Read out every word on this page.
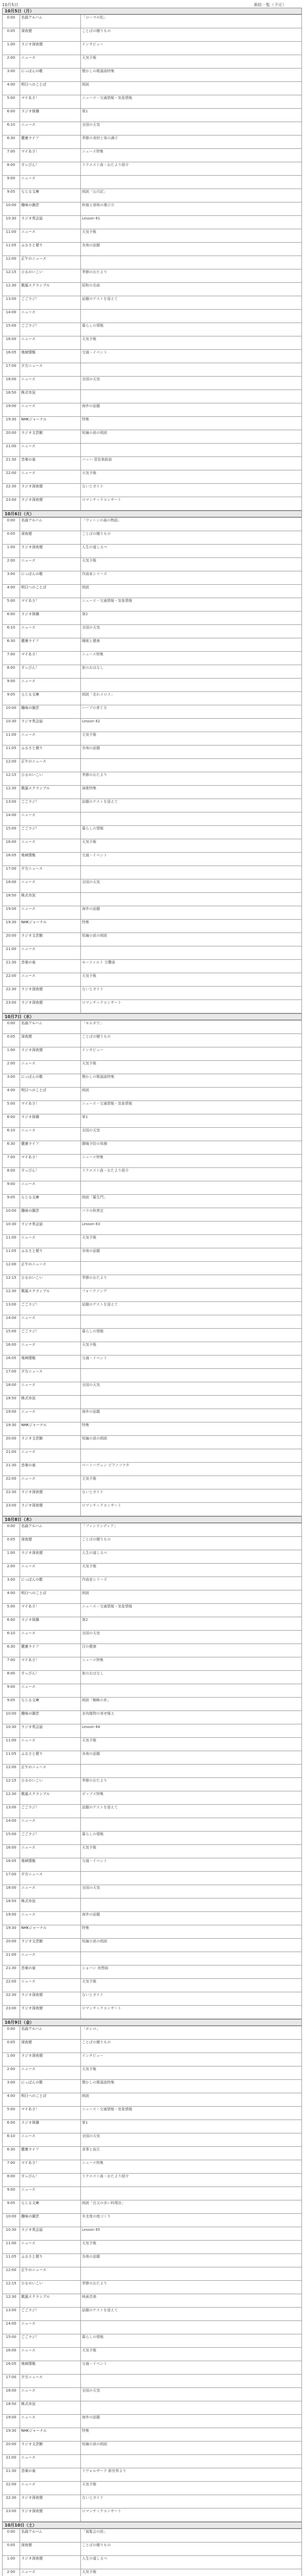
10月5日	番組一覧（予定）
10月5日（月）
0:00	名曲アルバム	「ローマの松」
0:05	深夜便	ことばの贈りもの
1:00	ラジオ深夜便	インタビュー
2:00	ニュース	天気予報
3:00	にっぽんの歌	懐かしの歌謡曲特集
4:00	明日へのことば	朗読
5:00	マイあさ！	ニュース・交通情報・気象情報
6:00	ラジオ体操	第1
6:10	ニュース	全国の天気
6:30	健康ライフ	季節の食材と体の調子
7:00	マイあさ！	ニュース特集
8:00	すっぴん！	リクエスト曲・おたより紹介
9:00	ニュース	
9:05	らじる文庫	朗読「山月記」
10:00	趣味の園芸	秋植え球根の選び方
10:30	ラジオ英会話	Lesson 61
11:00	ニュース	天気予報
11:05	ふるさと便り	各地の話題
12:00	正午のニュース	
12:15	ひるのいこい	季節のおたより
12:30	歌謡スクランブル	昭和の名曲
13:00	ごごラジ！	話題のゲストを迎えて
14:00	ニュース	
15:00	ごごラジ！	暮らしの情報
16:00	ニュース	天気予報
16:05	地域情報	交通・イベント
17:00	夕方ニュース	
18:00	ニュース	全国の天気
18:50	株式市況	
19:00	ニュース	海外の話題
19:30	NHKジャーナル	特集
20:00	ラジオ文芸館	短編小説の朗読
21:00	ニュース	
21:30	音楽の泉	バッハ 管弦楽組曲
22:00	ニュース	天気予報
22:30	ラジオ深夜便	ないとガイド
23:00	ラジオ深夜便	ロマンチックコンサート
10月6日（火）
0:00	名曲アルバム	「ウィーンの森の物語」
0:05	深夜便	ことばの贈りもの
1:00	ラジオ深夜便	人生の道しるべ
2:00	ニュース	天気予報
3:00	にっぽんの歌	作曲家シリーズ
4:00	明日へのことば	朗読
5:00	マイあさ！	ニュース・交通情報・気象情報
6:00	ラジオ体操	第2
6:10	ニュース	全国の天気
6:30	健康ライフ	睡眠と健康
7:00	マイあさ！	ニュース特集
8:00	すっぴん！	旅のおはなし
9:00	ニュース	
9:05	らじる文庫	朗読「走れメロス」
10:00	趣味の園芸	ハーブの育て方
10:30	ラジオ英会話	Lesson 62
11:00	ニュース	天気予報
11:05	ふるさと便り	各地の話題
12:00	正午のニュース	
12:15	ひるのいこい	季節のおたより
12:30	歌謡スクランブル	演歌特集
13:00	ごごラジ！	話題のゲストを迎えて
14:00	ニュース	
15:00	ごごラジ！	暮らしの情報
16:00	ニュース	天気予報
16:05	地域情報	交通・イベント
17:00	夕方ニュース	
18:00	ニュース	全国の天気
18:50	株式市況	
19:00	ニュース	海外の話題
19:30	NHKジャーナル	特集
20:00	ラジオ文芸館	短編小説の朗読
21:00	ニュース	
21:30	音楽の泉	モーツァルト 交響曲
22:00	ニュース	天気予報
22:30	ラジオ深夜便	ないとガイド
23:00	ラジオ深夜便	ロマンチックコンサート
10月7日（水）
0:00	名曲アルバム	「モルダウ」
0:05	深夜便	ことばの贈りもの
1:00	ラジオ深夜便	インタビュー
2:00	ニュース	天気予報
3:00	にっぽんの歌	懐かしの歌謡曲特集
4:00	明日へのことば	朗読
5:00	マイあさ！	ニュース・交通情報・気象情報
6:00	ラジオ体操	第1
6:10	ニュース	全国の天気
6:30	健康ライフ	腰痛予防の体操
7:00	マイあさ！	ニュース特集
8:00	すっぴん！	リクエスト曲・おたより紹介
9:00	ニュース	
9:05	らじる文庫	朗読「羅生門」
10:00	趣味の園芸	バラの秋剪定
10:30	ラジオ英会話	Lesson 63
11:00	ニュース	天気予報
11:05	ふるさと便り	各地の話題
12:00	正午のニュース	
12:15	ひるのいこい	季節のおたより
12:30	歌謡スクランブル	フォークソング
13:00	ごごラジ！	話題のゲストを迎えて
14:00	ニュース	
15:00	ごごラジ！	暮らしの情報
16:00	ニュース	天気予報
16:05	地域情報	交通・イベント
17:00	夕方ニュース	
18:00	ニュース	全国の天気
18:50	株式市況	
19:00	ニュース	海外の話題
19:30	NHKジャーナル	特集
20:00	ラジオ文芸館	短編小説の朗読
21:00	ニュース	
21:30	音楽の泉	ベートーヴェン ピアノソナタ
22:00	ニュース	天気予報
22:30	ラジオ深夜便	ないとガイド
23:00	ラジオ深夜便	ロマンチックコンサート
10月8日（木）
0:00	名曲アルバム	「フィンランディア」
0:05	深夜便	ことばの贈りもの
1:00	ラジオ深夜便	人生の道しるべ
2:00	ニュース	天気予報
3:00	にっぽんの歌	作曲家シリーズ
4:00	明日へのことば	朗読
5:00	マイあさ！	ニュース・交通情報・気象情報
6:00	ラジオ体操	第2
6:10	ニュース	全国の天気
6:30	健康ライフ	目の健康
7:00	マイあさ！	ニュース特集
8:00	すっぴん！	旅のおはなし
9:00	ニュース	
9:05	らじる文庫	朗読「蜘蛛の糸」
10:00	趣味の園芸	多肉植物の寄せ植え
10:30	ラジオ英会話	Lesson 64
11:00	ニュース	天気予報
11:05	ふるさと便り	各地の話題
12:00	正午のニュース	
12:15	ひるのいこい	季節のおたより
12:30	歌謡スクランブル	ポップス特集
13:00	ごごラジ！	話題のゲストを迎えて
14:00	ニュース	
15:00	ごごラジ！	暮らしの情報
16:00	ニュース	天気予報
16:05	地域情報	交通・イベント
17:00	夕方ニュース	
18:00	ニュース	全国の天気
18:50	株式市況	
19:00	ニュース	海外の話題
19:30	NHKジャーナル	特集
20:00	ラジオ文芸館	短編小説の朗読
21:00	ニュース	
21:30	音楽の泉	ショパン 夜想曲
22:00	ニュース	天気予報
22:30	ラジオ深夜便	ないとガイド
23:00	ラジオ深夜便	ロマンチックコンサート
10月9日（金）
0:00	名曲アルバム	「ボレロ」
0:05	深夜便	ことばの贈りもの
1:00	ラジオ深夜便	インタビュー
2:00	ニュース	天気予報
3:00	にっぽんの歌	懐かしの歌謡曲特集
4:00	明日へのことば	朗読
5:00	マイあさ！	ニュース・交通情報・気象情報
6:00	ラジオ体操	第1
6:10	ニュース	全国の天気
6:30	健康ライフ	食事と血圧
7:00	マイあさ！	ニュース特集
8:00	すっぴん！	リクエスト曲・おたより紹介
9:00	ニュース	
9:05	らじる文庫	朗読「注文の多い料理店」
10:00	趣味の園芸	冬支度の庭づくり
10:30	ラジオ英会話	Lesson 65
11:00	ニュース	天気予報
11:05	ふるさと便り	各地の話題
12:00	正午のニュース	
12:15	ひるのいこい	季節のおたより
12:30	歌謡スクランブル	映画音楽
13:00	ごごラジ！	話題のゲストを迎えて
14:00	ニュース	
15:00	ごごラジ！	暮らしの情報
16:00	ニュース	天気予報
16:05	地域情報	交通・イベント
17:00	夕方ニュース	
18:00	ニュース	全国の天気
18:50	株式市況	
19:00	ニュース	海外の話題
19:30	NHKジャーナル	特集
20:00	ラジオ文芸館	短編小説の朗読
21:00	ニュース	
21:30	音楽の泉	ドヴォルザーク 新世界より
22:00	ニュース	天気予報
22:30	ラジオ深夜便	ないとガイド
23:00	ラジオ深夜便	ロマンチックコンサート
10月10日（土）
0:00	名曲アルバム	「展覧会の絵」
0:05	深夜便	ことばの贈りもの
1:00	ラジオ深夜便	人生の道しるべ
2:00	ニュース	天気予報
